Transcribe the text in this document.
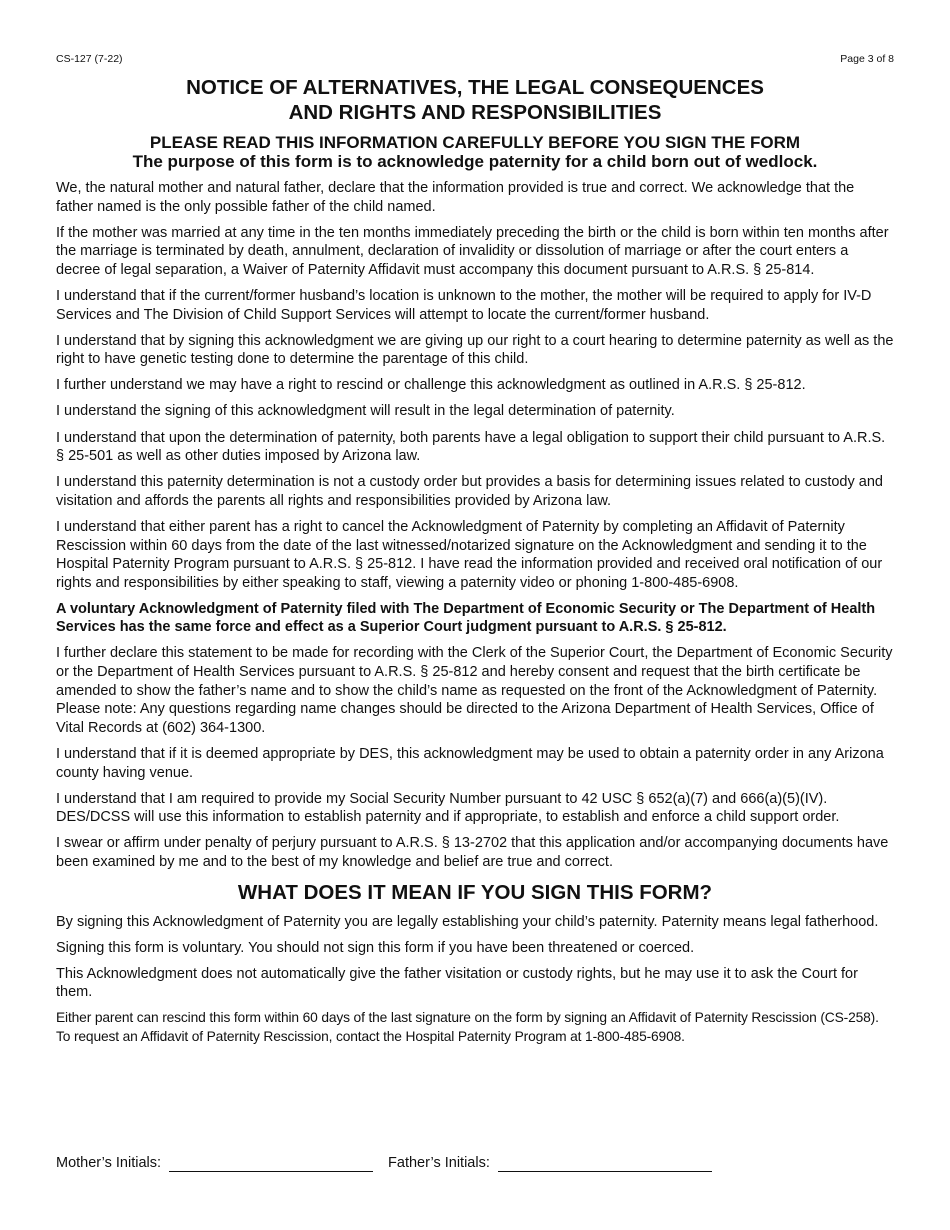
CS-127 (7-22)	Page 3 of 8
NOTICE OF ALTERNATIVES, THE LEGAL CONSEQUENCES
AND RIGHTS AND RESPONSIBILITIES
PLEASE READ THIS INFORMATION CAREFULLY BEFORE YOU SIGN THE FORM
The purpose of this form is to acknowledge paternity for a child born out of wedlock.

We, the natural mother and natural father, declare that the information provided is true and correct. We acknowledge that the father named is the only possible father of the child named.

If the mother was married at any time in the ten months immediately preceding the birth or the child is born within ten months after the marriage is terminated by death, annulment, declaration of invalidity or dissolution of marriage or after the court enters a decree of legal separation, a Waiver of Paternity Affidavit must accompany this document pursuant to A.R.S. § 25-814.

I understand that if the current/former husband’s location is unknown to the mother, the mother will be required to apply for IV-D Services and The Division of Child Support Services will attempt to locate the current/former husband.

I understand that by signing this acknowledgment we are giving up our right to a court hearing to determine paternity as well as the right to have genetic testing done to determine the parentage of this child.

I further understand we may have a right to rescind or challenge this acknowledgment as outlined in A.R.S. § 25-812.

I understand the signing of this acknowledgment will result in the legal determination of paternity.

I understand that upon the determination of paternity, both parents have a legal obligation to support their child pursuant to A.R.S. § 25-501 as well as other duties imposed by Arizona law.

I understand this paternity determination is not a custody order but provides a basis for determining issues related to custody and visitation and affords the parents all rights and responsibilities provided by Arizona law.

I understand that either parent has a right to cancel the Acknowledgment of Paternity by completing an Affidavit of Paternity Rescission within 60 days from the date of the last witnessed/notarized signature on the Acknowledgment and sending it to the Hospital Paternity Program pursuant to A.R.S. § 25-812. I have read the information provided and received oral notification of our rights and responsibilities by either speaking to staff, viewing a paternity video or phoning 1-800-485-6908.

A voluntary Acknowledgment of Paternity filed with The Department of Economic Security or The Department of Health Services has the same force and effect as a Superior Court judgment pursuant to A.R.S. § 25-812.

I further declare this statement to be made for recording with the Clerk of the Superior Court, the Department of Economic Security or the Department of Health Services pursuant to A.R.S. § 25-812 and hereby consent and request that the birth certificate be amended to show the father’s name and to show the child’s name as requested on the front of the Acknowledgment of Paternity. Please note: Any questions regarding name changes should be directed to the Arizona Department of Health Services, Office of Vital Records at (602) 364-1300.

I understand that if it is deemed appropriate by DES, this acknowledgment may be used to obtain a paternity order in any Arizona county having venue.

I understand that I am required to provide my Social Security Number pursuant to 42 USC § 652(a)(7) and 666(a)(5)(IV). DES/DCSS will use this information to establish paternity and if appropriate, to establish and enforce a child support order.

I swear or affirm under penalty of perjury pursuant to A.R.S. § 13-2702 that this application and/or accompanying documents have been examined by me and to the best of my knowledge and belief are true and correct.

WHAT DOES IT MEAN IF YOU SIGN THIS FORM?

By signing this Acknowledgment of Paternity you are legally establishing your child’s paternity. Paternity means legal fatherhood.

Signing this form is voluntary. You should not sign this form if you have been threatened or coerced.

This Acknowledgment does not automatically give the father visitation or custody rights, but he may use it to ask the Court for them.

Either parent can rescind this form within 60 days of the last signature on the form by signing an Affidavit of Paternity Rescission (CS-258). To request an Affidavit of Paternity Rescission, contact the Hospital Paternity Program at 1-800-485-6908.

Mother’s Initials:	Father’s Initials:
